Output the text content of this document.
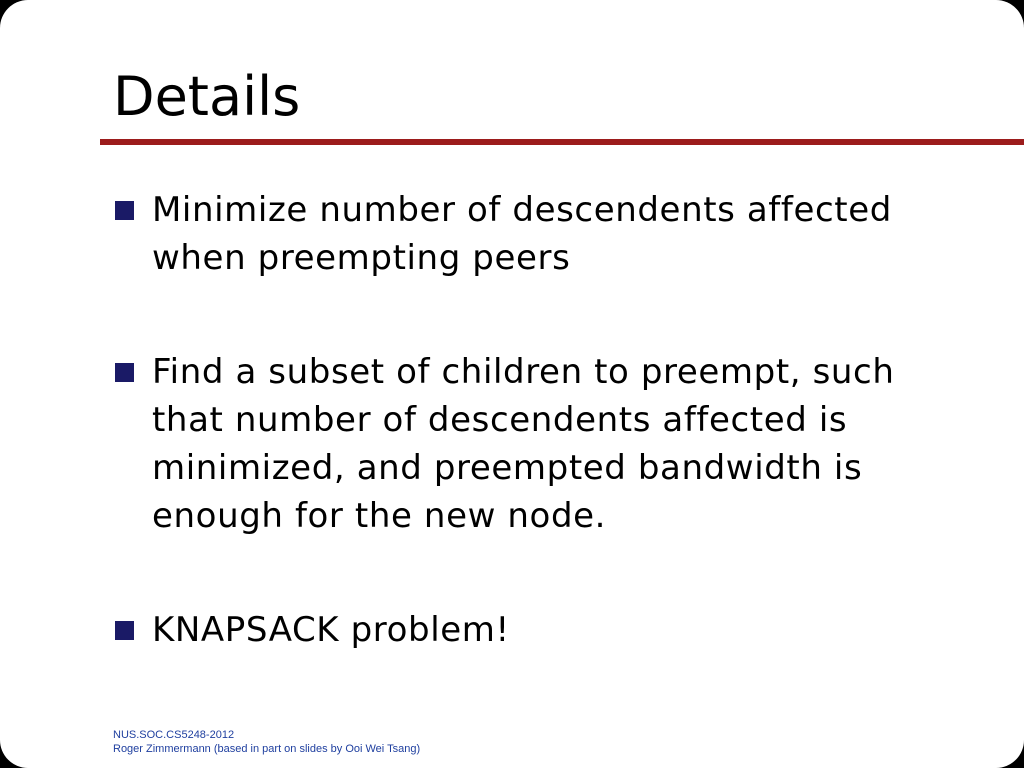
Details
Minimize number of descendents affected when preempting peers
Find a subset of children to preempt, such that number of descendents affected is minimized, and preempted bandwidth is enough for the new node.
KNAPSACK problem!
NUS.SOC.CS5248-2012
Roger Zimmermann (based in part on slides by Ooi Wei Tsang)
